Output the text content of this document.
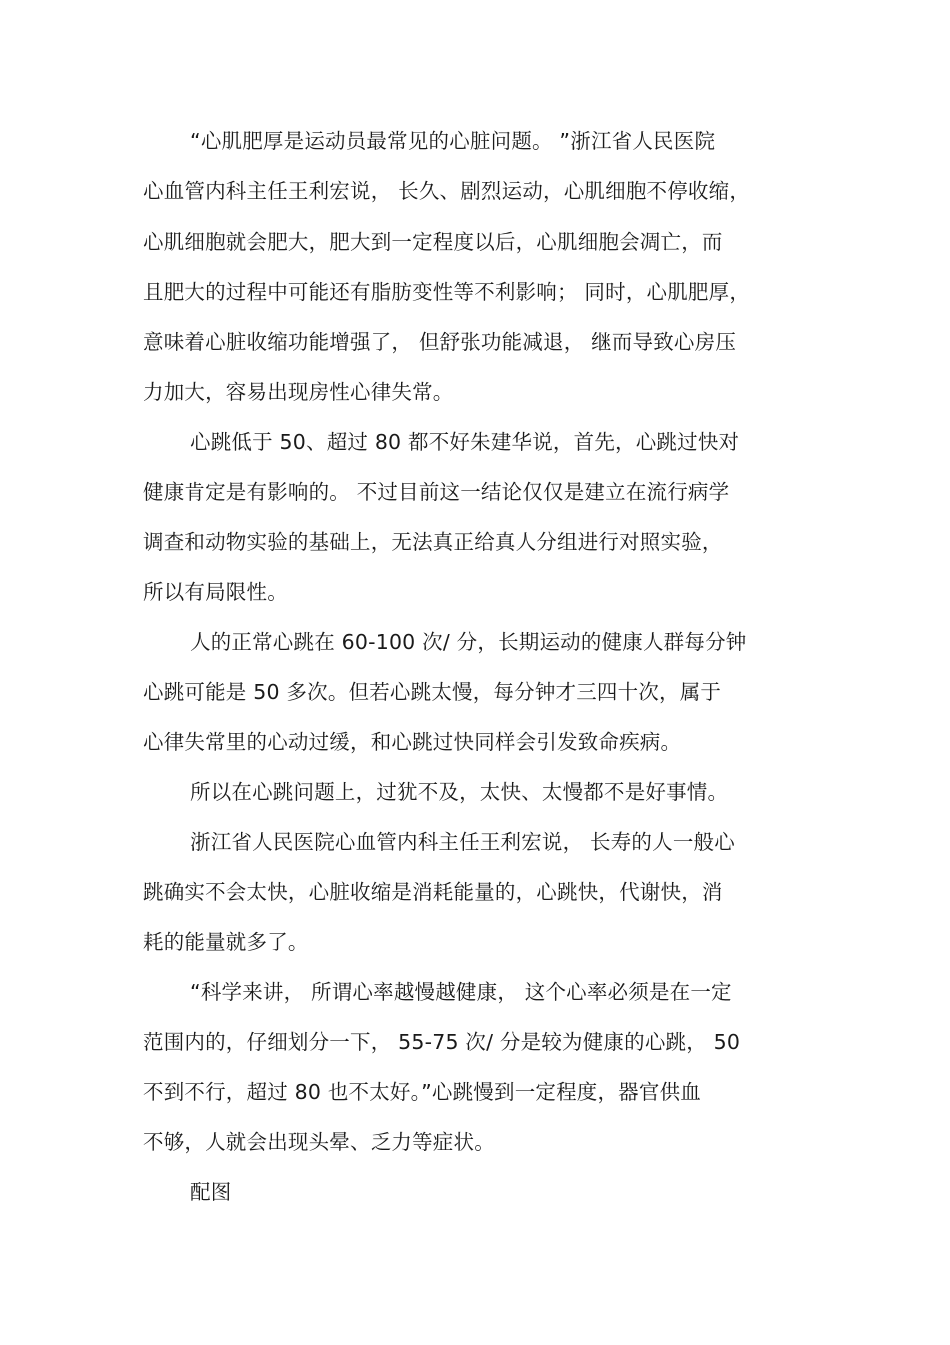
“心肌肥厚是运动员最常见的心脏问题。 ”浙江省人民医院
心血管内科主任王利宏说， 长久、剧烈运动，心肌细胞不停收缩，
心肌细胞就会肥大，肥大到一定程度以后，心肌细胞会凋亡，而
且肥大的过程中可能还有脂肪变性等不利影响； 同时，心肌肥厚，
意味着心脏收缩功能增强了， 但舒张功能减退， 继而导致心房压
力加大，容易出现房性心律失常。
心跳低于 50、超过 80 都不好朱建华说，首先，心跳过快对
健康肯定是有影响的。 不过目前这一结论仅仅是建立在流行病学
调查和动物实验的基础上，无法真正给真人分组进行对照实验，
所以有局限性。
人的正常心跳在 60-100 次/ 分，长期运动的健康人群每分钟
心跳可能是 50 多次。但若心跳太慢，每分钟才三四十次，属于
心律失常里的心动过缓，和心跳过快同样会引发致命疾病。
所以在心跳问题上，过犹不及，太快、太慢都不是好事情。
浙江省人民医院心血管内科主任王利宏说， 长寿的人一般心
跳确实不会太快，心脏收缩是消耗能量的，心跳快，代谢快，消
耗的能量就多了。
“科学来讲， 所谓心率越慢越健康， 这个心率必须是在一定
范围内的，仔细划分一下， 55-75 次/ 分是较为健康的心跳， 50
不到不行，超过 80 也不太好。”心跳慢到一定程度，器官供血
不够，人就会出现头晕、乏力等症状。
配图
